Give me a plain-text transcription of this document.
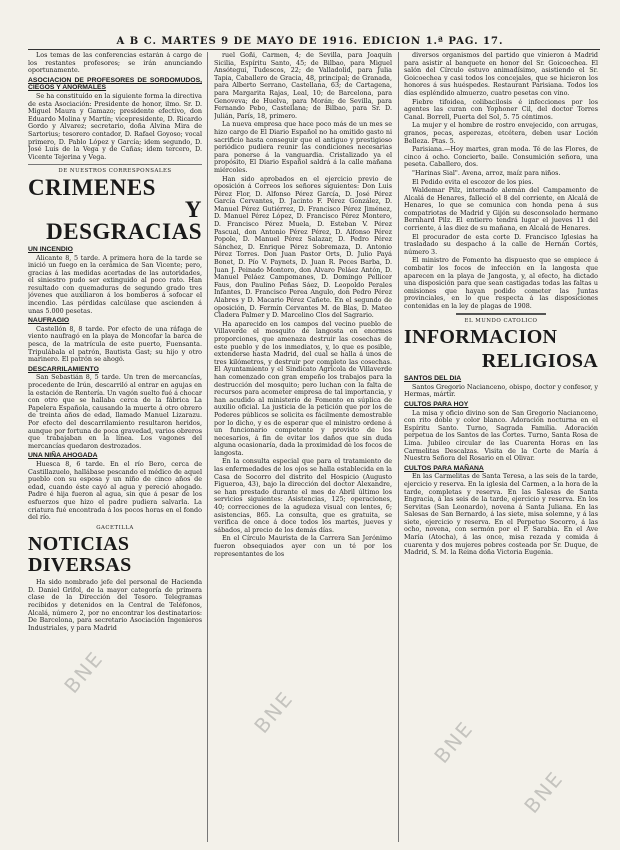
A B C. MARTES 9 DE MAYO DE 1916. EDICION 1.ª PAG. 17.

Los temas de las conferencias estarán á cargo de los restantes profesores; se irán anunciando oportunamente.

ASOCIACION DE PROFESORES DE SORDOMUDOS, CIEGOS Y ANORMALES

Se ha constituído en la siguiente forma la directiva de esta Asociación: Presidente de honor, ilmo. Sr. D. Miguel Maura y Gamazo; presidente efectivo, don Eduardo Molina y Martín; vicepresidente, D. Ricardo Gordo y Alvarez; secretario, doña Alvina Mira de Sartorius; tesorero contador, D. Rafael Goyoso; vocal primero, D. Pablo López y García; idem segundo, D. José Luis de la Vega y de Cañas; idem tercero, D. Vicente Tejerina y Vega.

DE NUESTROS CORRESPONSALES
CRIMENES
Y DESGRACIAS
UN INCENDIO

Alicante 8, 5 tarde. A primera hora de la tarde se inició un fuego en la cerámica de San Vicente; pero, gracias á las medidas acertadas de las autoridades, el siniestro pudo ser extinguido al poco rato. Han resultado con quemaduras de segundo grado tres jóvenes que auxiliaron á los bomberos á sofocar el incendio. Las pérdidas calcúlase que ascienden á unas 5.000 pesetas.

NAUFRAGIO

Castellón 8, 8 tarde. Por efecto de una ráfaga de viento naufragó en la playa de Moncofar la barca de pesca, de la matrícula de este puerto, Fuensanta. Tripulábala el patrón, Bautista Gast; su hijo y otro marinero. El patrón se ahogó.

DESCARRILAMIENTO

San Sebastián 8, 5 tarde. Un tren de mercancías, procedente de Irún, descarriló al entrar en agujas en la estación de Rentería. Un vagón suelto fué á chocar con otro que se hallaba cerca de la fábrica La Papelera Española, causando la muerte á otro obrero de treinta años de edad, llamado Manuel Lizarazu. Por efecto del descarrilamiento resultaron heridos, aunque por fortuna de poca gravedad, varios obreros que trabajaban en la línea. Los vagones del mercancías quedaron destrozados.

UNA NIÑA AHOGADA

Huesca 8, 6 tarde. En el río Bero, cerca de Castillazuelo, hallábase pescando el médico de aquel pueblo con su esposa y un niño de cinco años de edad, cuando éste cayó al agua y pereció ahogado. Padre é hija fueron al agua, sin que á pesar de los esfuerzos que hizo el padre pudiera salvarla. La criatura fué encontrada á los pocos horas en el fondo del río.

GACETILLA
NOTICIAS DIVERSAS

Ha sido nombrado jefe del personal de Hacienda D. Daniel Grifol, de la mayor categoría de primera clase de la Dirección del Tesoro. Telegramas recibidos y detenidos en la Central de Teléfonos, Alcalá, número 2, por no encontrar los destinatarios: De Barcelona, para secretario Asociación Ingenieros Industriales, y para Madrid

ruel Goñi, Carmen, 4; de Sevilla, para Joaquín Sicilia, Espíritu Santo, 45; de Bilbao, para Miguel Ansótegui, Tudescos, 22; de Valladolid, para Julia Tapia, Caballero de Gracia, 48, principal; de Granada, para Alberto Serrano, Castellana, 63; de Cartagena, para Margarita Rajas, Leal, 10; de Barcelona, para Genoveva; de Huelva, para Morán; de Sevilla, para Fernando Pebo, Castellana; de Bilbao, para Sr. D. Julián, París, 18, primero.

La nueva empresa que hace poco más de un mes se hizo cargo de El Diario Español no ha omitido gasto ni sacrificio hasta conseguir que el antiguo y prestigioso periódico pudiera reunir las condiciones necesarias para ponerse á la vanguardia. Cristalizado ya el propósito, El Diario Español saldrá á la calle mañana miércoles.

Han sido aprobados en el ejercicio previo de oposición á Correos los señores siguientes: Don Luis Pérez Flor, D. Alfonso Pérez García, D. José Pérez García Cervantes, D. Jacinto F. Pérez González, D. Manuel Pérez Gutiérrez, D. Francisco Pérez Jiménez, D. Manuel Pérez López, D. Francisco Pérez Montero, D. Francisco Pérez Muela, D. Esteban V. Pérez Pascual, don Antonio Pérez Pérez, D. Alfonso Pérez Popole, D. Manuel Pérez Salazar, D. Pedro Pérez Sánchez, D. Enrique Pérez Sobremaza, D. Antonio Pérez Torres. Don Juan Pastor Orts, D. Julio Payá Bonet, D. Pío V. Paynets, D. Juan R. Peces Barba, D. Juan J. Peinado Montoro, don Alvaro Peláez Antón, D. Manuel Peláez Campomanes, D. Domingo Pellicer Faus, don Paulino Peñas Sáez, D. Leopoldo Perales Infantes, D. Francisco Perea Angulo, don Pedro Pérez Alabres y D. Macario Pérez Cañete. En el segundo de oposición, D. Fermín Cervantes M. de Blas, D. Mateo Cladera Palmer y D. Marcelino Clos del Sagrario.

Ha aparecido en los campos del vecino pueblo de Villaverde el mosquito de langosta en enormes proporciones, que amenaza destruir las cosechas de este pueblo y de los inmediatos, y, lo que es posible, extenderse hasta Madrid, del cual se halla á unos de tres kilómetros, y destruir por completo las cosechas. El Ayuntamiento y el Sindicato Agrícola de Villaverde han comenzado con gran empeño los trabajos para la destrucción del mosquito; pero luchan con la falta de recursos para acometer empresa de tal importancia, y han acudido al ministerio de Fomento en súplica de auxilio oficial. La justicia de la petición que por los de Poderes públicos se solicita es fácilmente demostrable por lo dicho, y es de esperar que el ministro ordene á un funcionario competente y provisto de los necesarios, á fin de evitar los daños que sin duda alguna ocasionaría, dada la proximidad de los focos de langosta.

En la consulta especial que para el tratamiento de las enfermedades de los ojos se halla establecida en la Casa de Socorro del distrito del Hospicio (Augusto Figueroa, 43), bajo la dirección del doctor Alexandre, se han prestado durante el mes de Abril último los servicios siguientes: Asistencias, 125; operaciones, 40; correcciones de la agudeza visual con lentes, 6; asistencias, 865. La consulta, que es gratuita, se verifica de once á doce todos los martes, jueves y sábados, al precio de los demás días.

En el Círculo Maurista de la Carrera San Jerónimo fueron obsequiados ayer con un té por los representantes de los

diversos organismos del partido que vinieron á Madrid para asistir al banquete en honor del Sr. Goicoechea. El salón del Círculo estuvo animadísimo, asistiendo el Sr. Goicoechea y casi todos los concejales, que se hicieron los honores á sus huéspedes. Restaurant Parisiana. Todos los días espléndido almuerzo, cuatro pesetas con vino.

Fiebre tifoidea, colibacilosis é infecciones por los agentes las curan con Yophoner Cil, del doctor Torres Canal. Borrell, Puerta del Sol, 5. 75 céntimos.

La mujer y el hombre de rostro envejecido, con arrugas, granos, pecas, asperezas, etcétera, deben usar Loción Belleza. Ptas. 5.

Parisiana.—Hoy martes, gran moda. Té de las Flores, de cinco á ocho. Concierto, baile. Consumición señora, una peseta. Caballero, dos.

"Harinas Sial". Avena, arroz, maíz para niños.

El Pedido evita el escozor de los pies.

Waldemar Pilz, internado alemán del Campamento de Alcalá de Henares, falleció el 8 del corriente, en Alcalá de Henares, lo que se comunica con honda pena á sus compatriotas de Madrid y Gijón su desconsolado hermano Bernhard Pilz. El entierro tendrá lugar el jueves 11 del corriente, á las diez de su mañana, en Alcalá de Henares.

El procurador de esta corte D. Francisco Iglesias ha trasladado su despacho á la calle de Hernán Cortés, número 3.

El ministro de Fomento ha dispuesto que se empiece á combatir los focos de infección en la langosta que aparecen en la playa de Jangosta, y, al efecto, ha dictado una disposición para que sean castigadas todas las faltas u omisiones que hayan podido cometer las Juntas provinciales, en lo que respecta á las disposiciones contenidas en la ley de plagas de 1908.

EL MUNDO CATOLICO
INFORMACION
RELIGIOSA
SANTOS DEL DIA

Santos Gregorio Nacianceno, obispo, doctor y confesor, y Hermas, mártir.

CULTOS PARA HOY

La misa y oficio divino son de San Gregorio Nacianceno, con rito doble y color blanco. Adoración nocturna en el Espíritu Santo. Turno, Sagrada Familia. Adoración perpetua de los Santos de las Cortes. Turno, Santa Rosa de Lima. Jubileo circular de las Cuarenta Horas en las Carmelitas Descalzas. Visita de la Corte de María á Nuestra Señora del Rosario en el Olivar.

CULTOS PARA MAÑANA

En las Carmelitas de Santa Teresa, a las seis de la tarde, ejercicio y reserva. En la iglesia del Carmen, a la hora de la tarde, completas y reserva. En las Salesas de Santa Engracia, á las seis de la tarde, ejercicio y reserva. En los Servitas (San Leonardo), novena á Santa Juliana. En las Salesas de San Bernardo, á las siete, misa solemne, y á las siete, ejercicio y reserva. En el Perpetuo Socorro, á las ocho, novena, con sermón por el P. Sarabia. En el Ave María (Atocha), á las once, misa rezada y comida á cuarenta y dos mujeres pobres costeada por Sr. Duque, de Madrid, S. M. la Reina doña Victoria Eugenia.

BNE
BNE
BNE
BNE
